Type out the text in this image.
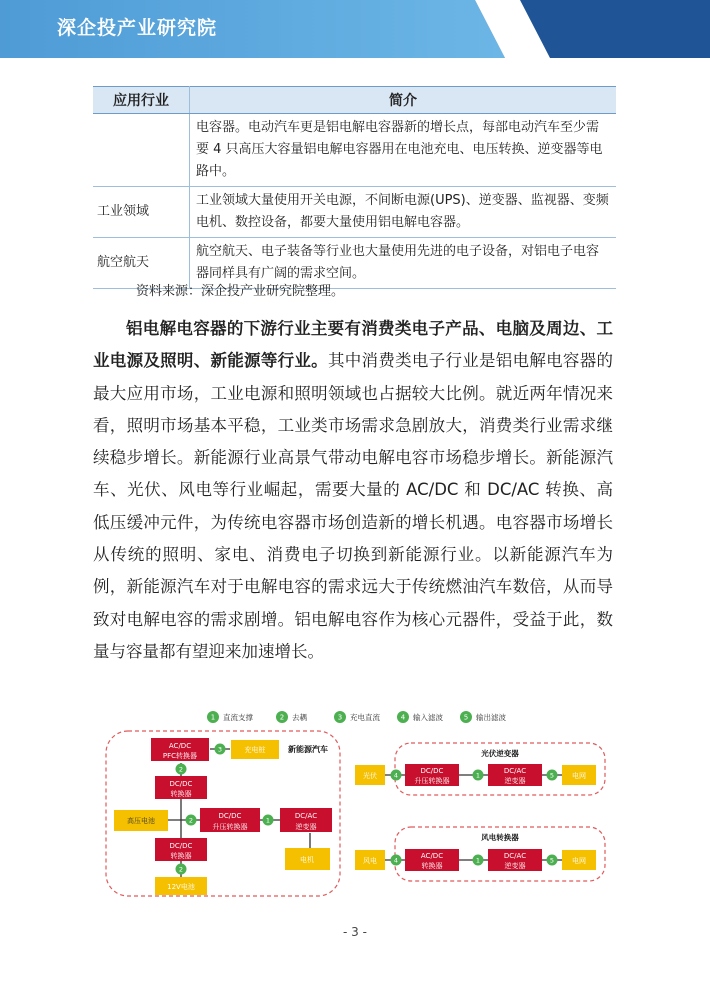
深企投产业研究院
应用行业	简介
	电容器。电动汽车更是铝电解电容器新的增长点，每部电动汽车至少需要 4 只高压大容量铝电解电容器用在电池充电、电压转换、逆变器等电路中。
工业领域	工业领域大量使用开关电源，不间断电源(UPS)、逆变器、监视器、变频电机、数控设备，都要大量使用铝电解电容器。
航空航天	航空航天、电子装备等行业也大量使用先进的电子设备，对铝电子电容器同样具有广阔的需求空间。
资料来源：深企投产业研究院整理。
铝电解电容器的下游行业主要有消费类电子产品、电脑及周边、工业电源及照明、新能源等行业。其中消费类电子行业是铝电解电容器的最大应用市场，工业电源和照明领域也占据较大比例。就近两年情况来看，照明市场基本平稳，工业类市场需求急剧放大，消费类行业需求继续稳步增长。新能源行业高景气带动电解电容市场稳步增长。新能源汽车、光伏、风电等行业崛起，需要大量的 AC/DC 和 DC/AC 转换、高低压缓冲元件，为传统电容器市场创造新的增长机遇。电容器市场增长从传统的照明、家电、消费电子切换到新能源行业。以新能源汽车为例，新能源汽车对于电解电容的需求远大于传统燃油汽车数倍，从而导致对电解电容的需求剧增。铝电解电容作为核心元器件，受益于此，数量与容量都有望迎来加速增长。
1 直流支撑	2 去耦	3 充电直流	4 输入滤波	5 输出滤波
新能源汽车
AC/DC
PFC转换器
充电桩
3
DC/DC
转换器
2
高压电池	2
DC/DC
升压转换器
1
DC/AC
逆变器
电机
DC/DC
转换器
2
12V电池
光伏逆变器
光伏	4
DC/DC
升压转换器
1
DC/AC
逆变器
5	电网
风电转换器
风电	4
AC/DC
转换器
1
DC/AC
逆变器
5	电网
- 3 -
